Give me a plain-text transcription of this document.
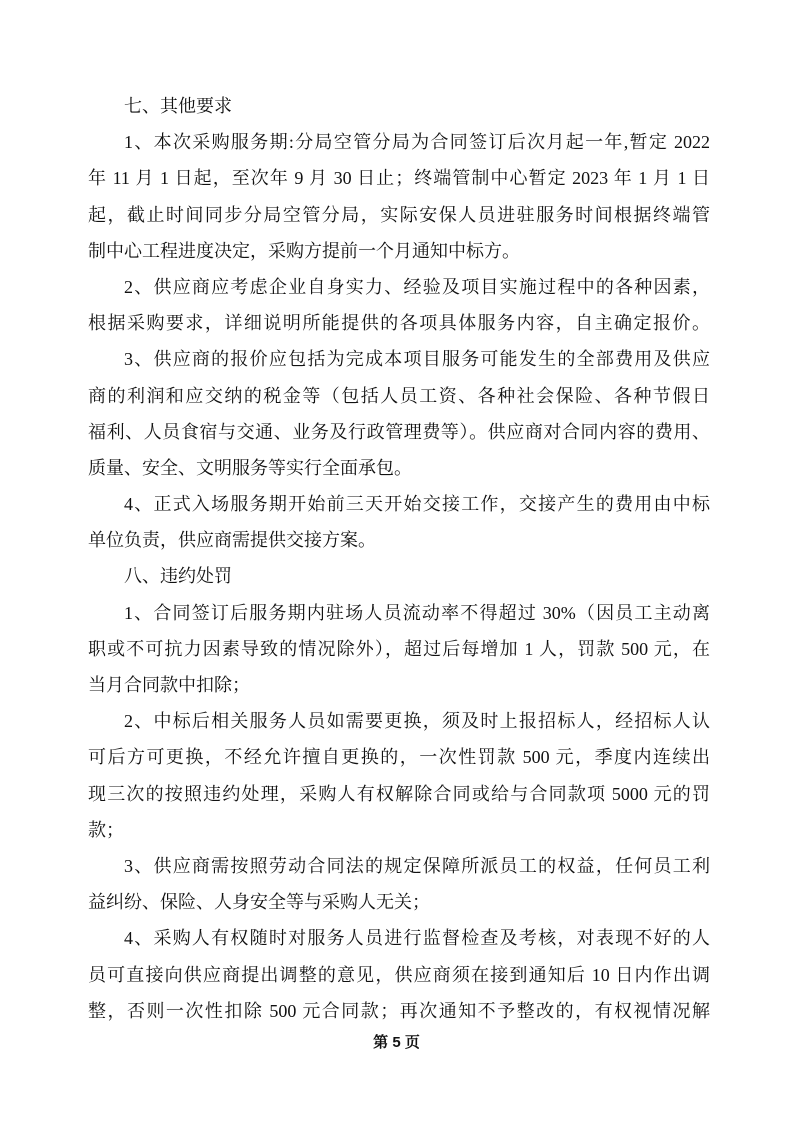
七、其他要求
1、本次采购服务期:分局空管分局为合同签订后次月起一年,暂定 2022
年 11 月 1 日起，至次年 9 月 30 日止；终端管制中心暂定 2023 年 1 月 1 日
起，截止时间同步分局空管分局，实际安保人员进驻服务时间根据终端管
制中心工程进度决定，采购方提前一个月通知中标方。
2、供应商应考虑企业自身实力、经验及项目实施过程中的各种因素，
根据采购要求，详细说明所能提供的各项具体服务内容，自主确定报价。
3、供应商的报价应包括为完成本项目服务可能发生的全部费用及供应
商的利润和应交纳的税金等（包括人员工资、各种社会保险、各种节假日
福利、人员食宿与交通、业务及行政管理费等）。供应商对合同内容的费用、
质量、安全、文明服务等实行全面承包。
4、正式入场服务期开始前三天开始交接工作，交接产生的费用由中标
单位负责，供应商需提供交接方案。
八、违约处罚
1、合同签订后服务期内驻场人员流动率不得超过 30%（因员工主动离
职或不可抗力因素导致的情况除外），超过后每增加 1 人，罚款 500 元，在
当月合同款中扣除；
2、中标后相关服务人员如需要更换，须及时上报招标人，经招标人认
可后方可更换，不经允许擅自更换的，一次性罚款 500 元，季度内连续出
现三次的按照违约处理，采购人有权解除合同或给与合同款项 5000 元的罚
款；
3、供应商需按照劳动合同法的规定保障所派员工的权益，任何员工利
益纠纷、保险、人身安全等与采购人无关；
4、采购人有权随时对服务人员进行监督检查及考核，对表现不好的人
员可直接向供应商提出调整的意见，供应商须在接到通知后 10 日内作出调
整，否则一次性扣除 500 元合同款；再次通知不予整改的，有权视情况解
第 5 页
